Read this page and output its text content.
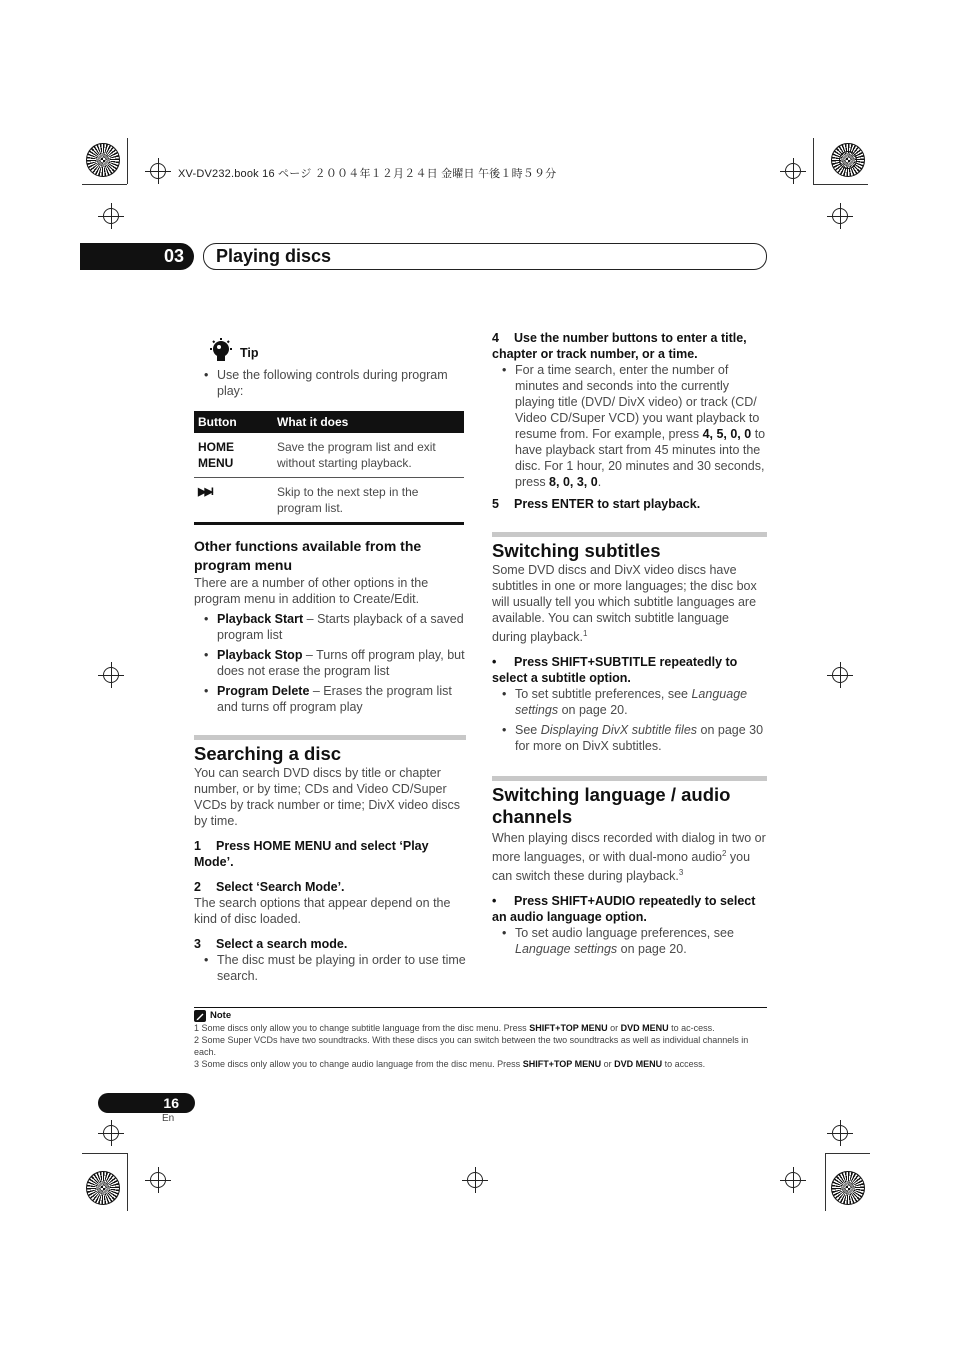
XV-DV232.book 16 ページ ２００４年１２月２４日 金曜日 午後１時５９分
03	Playing discs
Tip
• Use the following controls during program play:
Button	What it does
HOME MENU	Save the program list and exit without starting playback.
▶▶I	Skip to the next step in the program list.
Other functions available from the program menu
There are a number of other options in the program menu in addition to Create/Edit.
• Playback Start – Starts playback of a saved program list
• Playback Stop – Turns off program play, but does not erase the program list
• Program Delete – Erases the program list and turns off program play
Searching a disc
You can search DVD discs by title or chapter number, or by time; CDs and Video CD/Super VCDs by track number or time; DivX video discs by time.
1 Press HOME MENU and select ‘Play Mode’.
2 Select ‘Search Mode’.
The search options that appear depend on the kind of disc loaded.
3 Select a search mode.
• The disc must be playing in order to use time search.
4 Use the number buttons to enter a title, chapter or track number, or a time.
• For a time search, enter the number of minutes and seconds into the currently playing title (DVD/ DivX video) or track (CD/ Video CD/Super VCD) you want playback to resume from. For example, press 4, 5, 0, 0 to have playback start from 45 minutes into the disc. For 1 hour, 20 minutes and 30 seconds, press 8, 0, 3, 0.
5 Press ENTER to start playback.
Switching subtitles
Some DVD discs and DivX video discs have subtitles in one or more languages; the disc box will usually tell you which subtitle languages are available. You can switch subtitle language during playback.$^1$
• Press SHIFT+SUBTITLE repeatedly to select a subtitle option.
• To set subtitle preferences, see Language settings on page 20.
• See Displaying DivX subtitle files on page 30 for more on DivX subtitles.
Switching language / audio channels
When playing discs recorded with dialog in two or more languages, or with dual-mono audio$^2$ you can switch these during playback.$^3$
• Press SHIFT+AUDIO repeatedly to select an audio language option.
• To set audio language preferences, see Language settings on page 20.
Note
1 Some discs only allow you to change subtitle language from the disc menu. Press SHIFT+TOP MENU or DVD MENU to ac-cess.
2 Some Super VCDs have two soundtracks. With these discs you can switch between the two soundtracks as well as individual channels in each.
3 Some discs only allow you to change audio language from the disc menu. Press SHIFT+TOP MENU or DVD MENU to access.
16
En
